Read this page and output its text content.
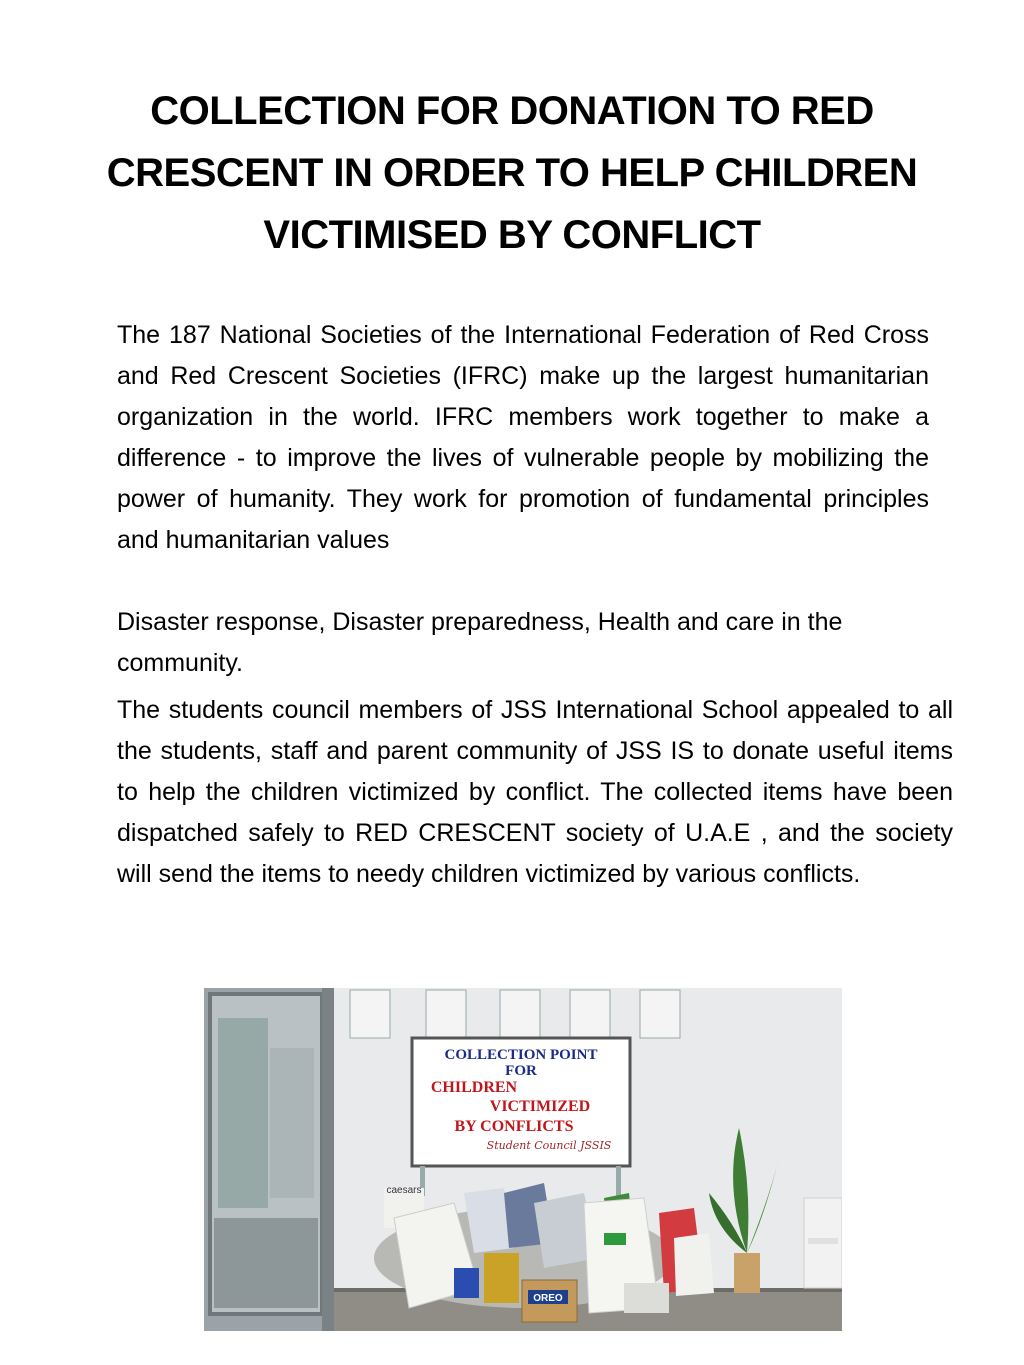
COLLECTION FOR DONATION TO RED CRESCENT IN ORDER TO HELP CHILDREN VICTIMISED BY CONFLICT

The 187 National Societies of the International Federation of Red Cross and Red Crescent Societies (IFRC) make up the largest humanitarian organization in the world. IFRC members work together to make a difference - to improve the lives of vulnerable people by mobilizing the power of humanity. They work for promotion of fundamental principles and humanitarian values

Disaster response, Disaster preparedness, Health and care in the community.

The students council members of JSS International School appealed to all the students, staff and parent community of JSS IS to donate useful items to help the children victimized by conflict. The collected items have been dispatched safely to RED CRESCENT society of U.A.E , and the society will send the items to needy children victimized by various conflicts.

COLLECTION POINT
FOR
CHILDREN
VICTIMIZED
BY CONFLICTS
Student Council JSSIS
caesars
OREO
